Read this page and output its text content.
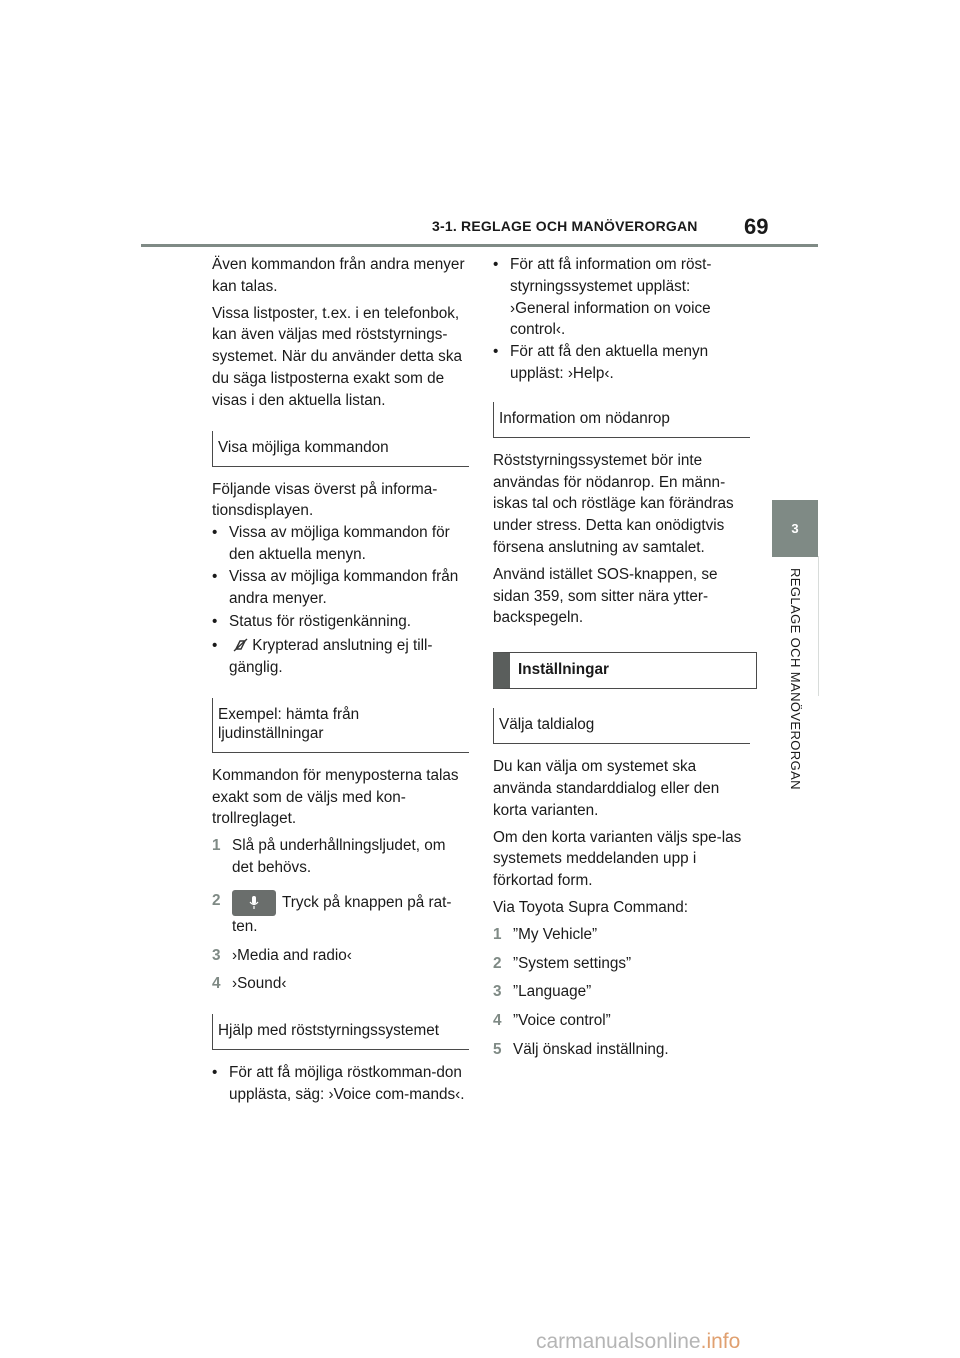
3-1. REGLAGE OCH MANÖVERORGAN 69
3
REGLAGE OCH MANÖVERORGAN

Även kommandon från andra menyer kan talas.

Vissa listposter, t.ex. i en telefonbok, kan även väljas med röststyrnings-systemet. När du använder detta ska du säga listposterna exakt som de visas i den aktuella listan.

Visa möjliga kommandon

Följande visas överst på informa-tionsdisplayen.

• Vissa av möjliga kommandon för den aktuella menyn.
• Vissa av möjliga kommandon från andra menyer.
• Status för röstigenkänning.
• Krypterad anslutning ej till-gänglig.
Exempel: hämta från ljudinställningar

Kommandon för menyposterna talas exakt som de väljs med kon-trollreglaget.

1 Slå på underhållningsljudet, om det behövs.
2	Tryck på knappen på rat-ten.
3 ›Media and radio‹
4 ›Sound‹
Hjälp med röststyrningssystemet
• För att få möjliga röstkomman-don upplästa, säg: ›Voice com-mands‹.
• För att få information om röst-styrningssystemet uppläst: ›General information on voice control‹.
• För att få den aktuella menyn uppläst: ›Help‹.
Information om nödanrop

Röststyrningssystemet bör inte användas för nödanrop. En männ-iskas tal och röstläge kan förändras under stress. Detta kan onödigtvis försena anslutning av samtalet.

Använd istället SOS-knappen, se sidan 359, som sitter nära ytter-backspegeln.

Inställningar
Välja taldialog

Du kan välja om systemet ska använda standarddialog eller den korta varianten.

Om den korta varianten väljs spe-las systemets meddelanden upp i förkortad form.

Via Toyota Supra Command:

1 ”My Vehicle”
2 ”System settings”
3 ”Language”
4 ”Voice control”
5 Välj önskad inställning.
carmanualsonline.info
